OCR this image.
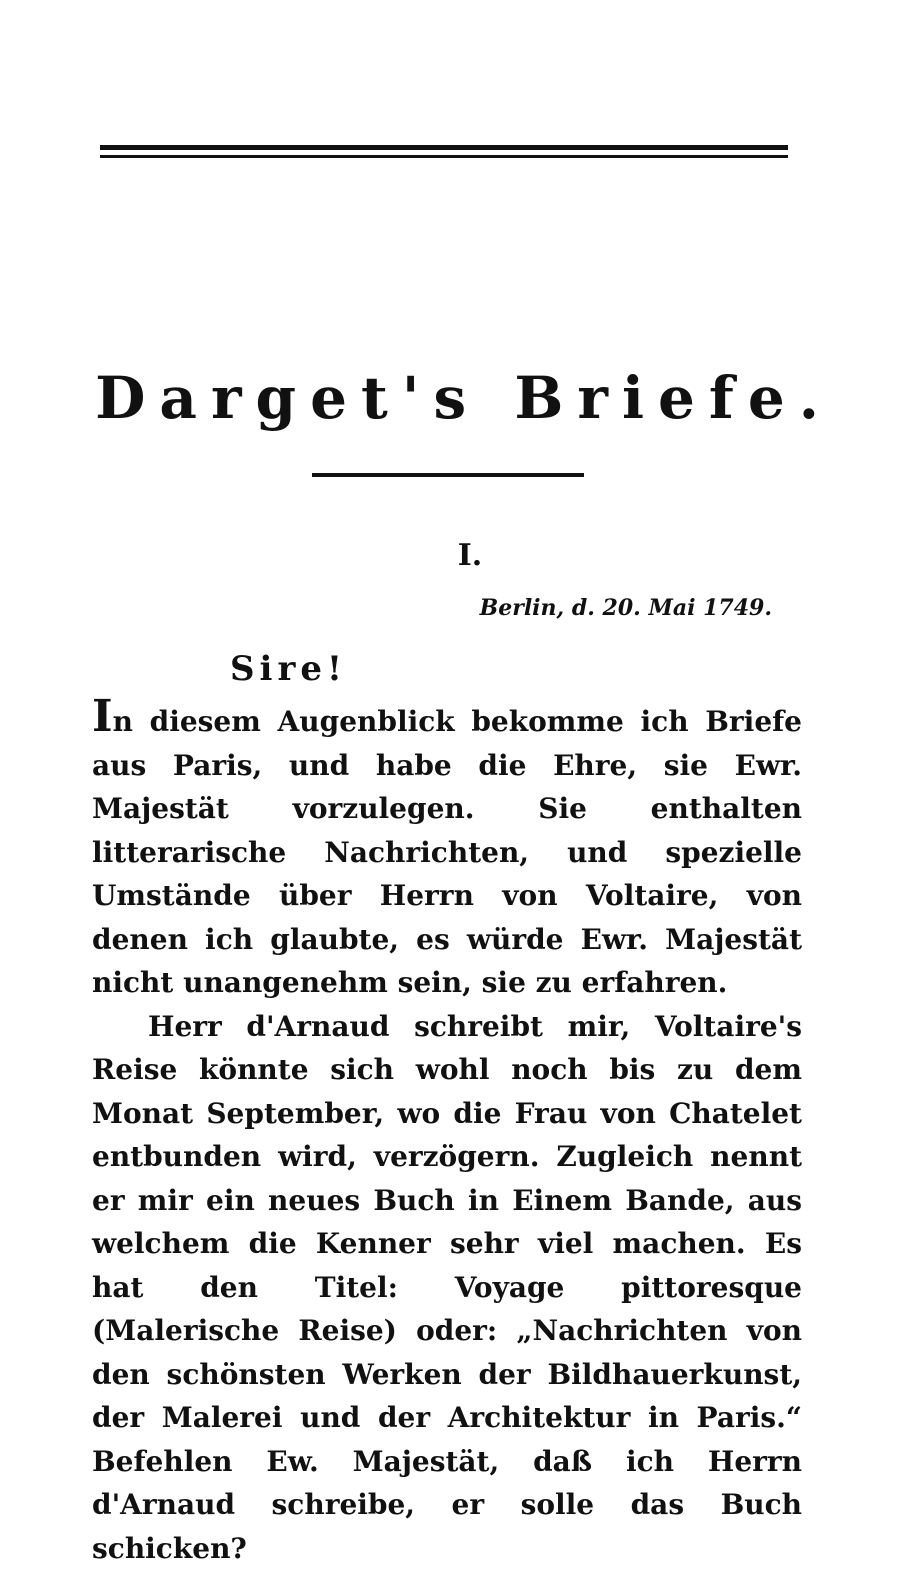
Darget's Briefe.
I.
Berlin, d. 20. Mai 1749.
Sire!

In diesem Augenblick bekomme ich Briefe aus Paris, und habe die Ehre, sie Ewr. Majestät vorzulegen. Sie enthalten litterarische Nachrichten, und spezielle Umstände über Herrn von Voltaire, von denen ich glaubte, es würde Ewr. Majestät nicht unangenehm sein, sie zu erfahren.

Herr d'Arnaud schreibt mir, Voltaire's Reise könnte sich wohl noch bis zu dem Monat September, wo die Frau von Chatelet entbunden wird, verzögern. Zugleich nennt er mir ein neues Buch in Einem Bande, aus welchem die Kenner sehr viel machen. Es hat den Titel: Voyage pittoresque (Malerische Reise) oder: „Nachrichten von den schönsten Werken der Bildhauerkunst, der Malerei und der Architektur in Paris.“ Befehlen Ew. Majestät, daß ich Herrn d'Arnaud schreibe, er solle das Buch schicken?
